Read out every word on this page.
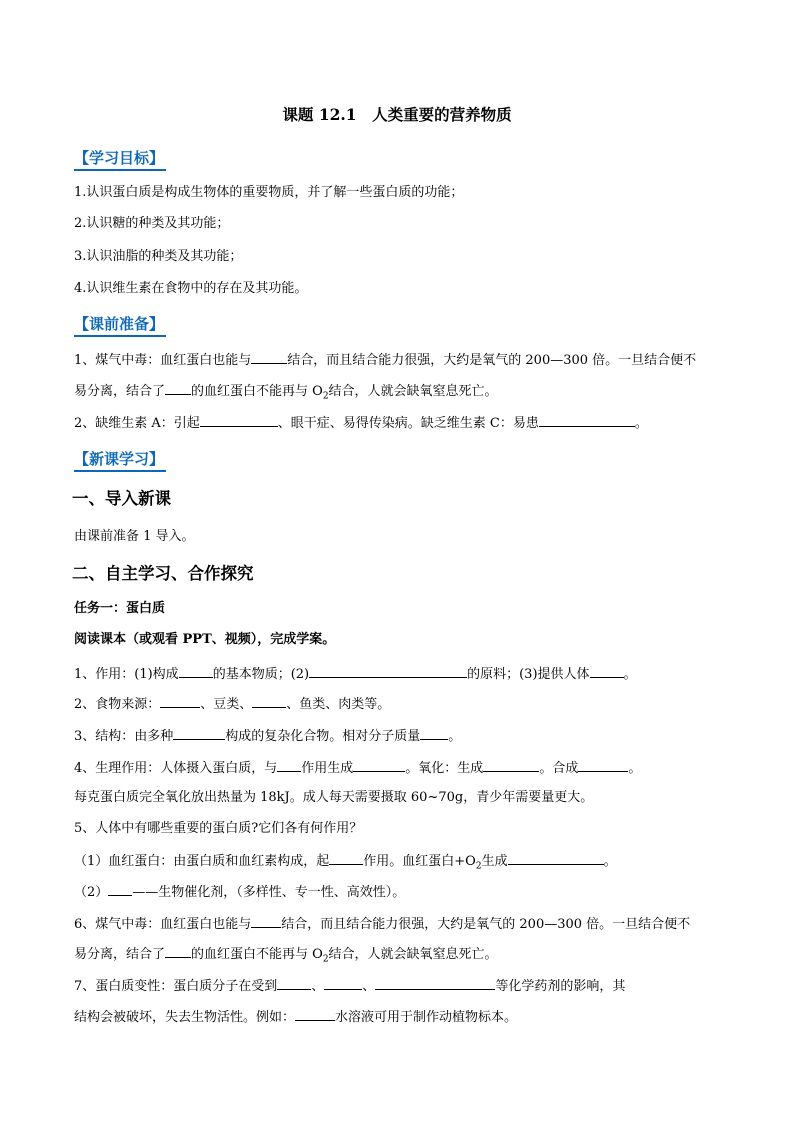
课题 12.1　人类重要的营养物质
【学习目标】
1.认识蛋白质是构成生物体的重要物质，并了解一些蛋白质的功能；
2.认识糖的种类及其功能；
3.认识油脂的种类及其功能；
4.认识维生素在食物中的存在及其功能。
【课前准备】
1、煤气中毒：血红蛋白也能与	结合，而且结合能力很强，大约是氧气的 200—300 倍。一旦结合便不
易分离，结合了 的血红蛋白不能再与 $O_2$结合，人就会缺氧窒息死亡。
2、缺维生素 A：引起	、眼干症、易得传染病。缺乏维生素 C：易患	。
【新课学习】
一、导入新课
由课前准备 1 导入。
二、自主学习、合作探究
任务一：蛋白质
阅读课本（或观看 PPT、视频），完成学案。
1、作用：(1)构成	的基本物质；(2)	的原料；(3)提供人体	。
2、食物来源：	、豆类、	、鱼类、肉类等。
3、结构：由多种	构成的复杂化合物。相对分子质量 。
4、生理作用：人体摄入蛋白质，与 作用生成	。氧化：生成	。合成	。
每克蛋白质完全氧化放出热量为 18kJ。成人每天需要摄取 60~70g，青少年需要量更大。
5、人体中有哪些重要的蛋白质?它们各有何作用？
（1）血红蛋白：由蛋白质和血红素构成，起	作用。血红蛋白$+O_2$生成	。
（2） ——生物催化剂，（多样性、专一性、高效性）。
6、煤气中毒：血红蛋白也能与 结合，而且结合能力很强，大约是氧气的 200—300 倍。一旦结合便不
易分离，结合了 的血红蛋白不能再与 $O_2$结合，人就会缺氧窒息死亡。
7、蛋白质变性：蛋白质分子在受到	、	、	等化学药剂的影响，其
结构会被破坏，失去生物活性。例如：	水溶液可用于制作动植物标本。
